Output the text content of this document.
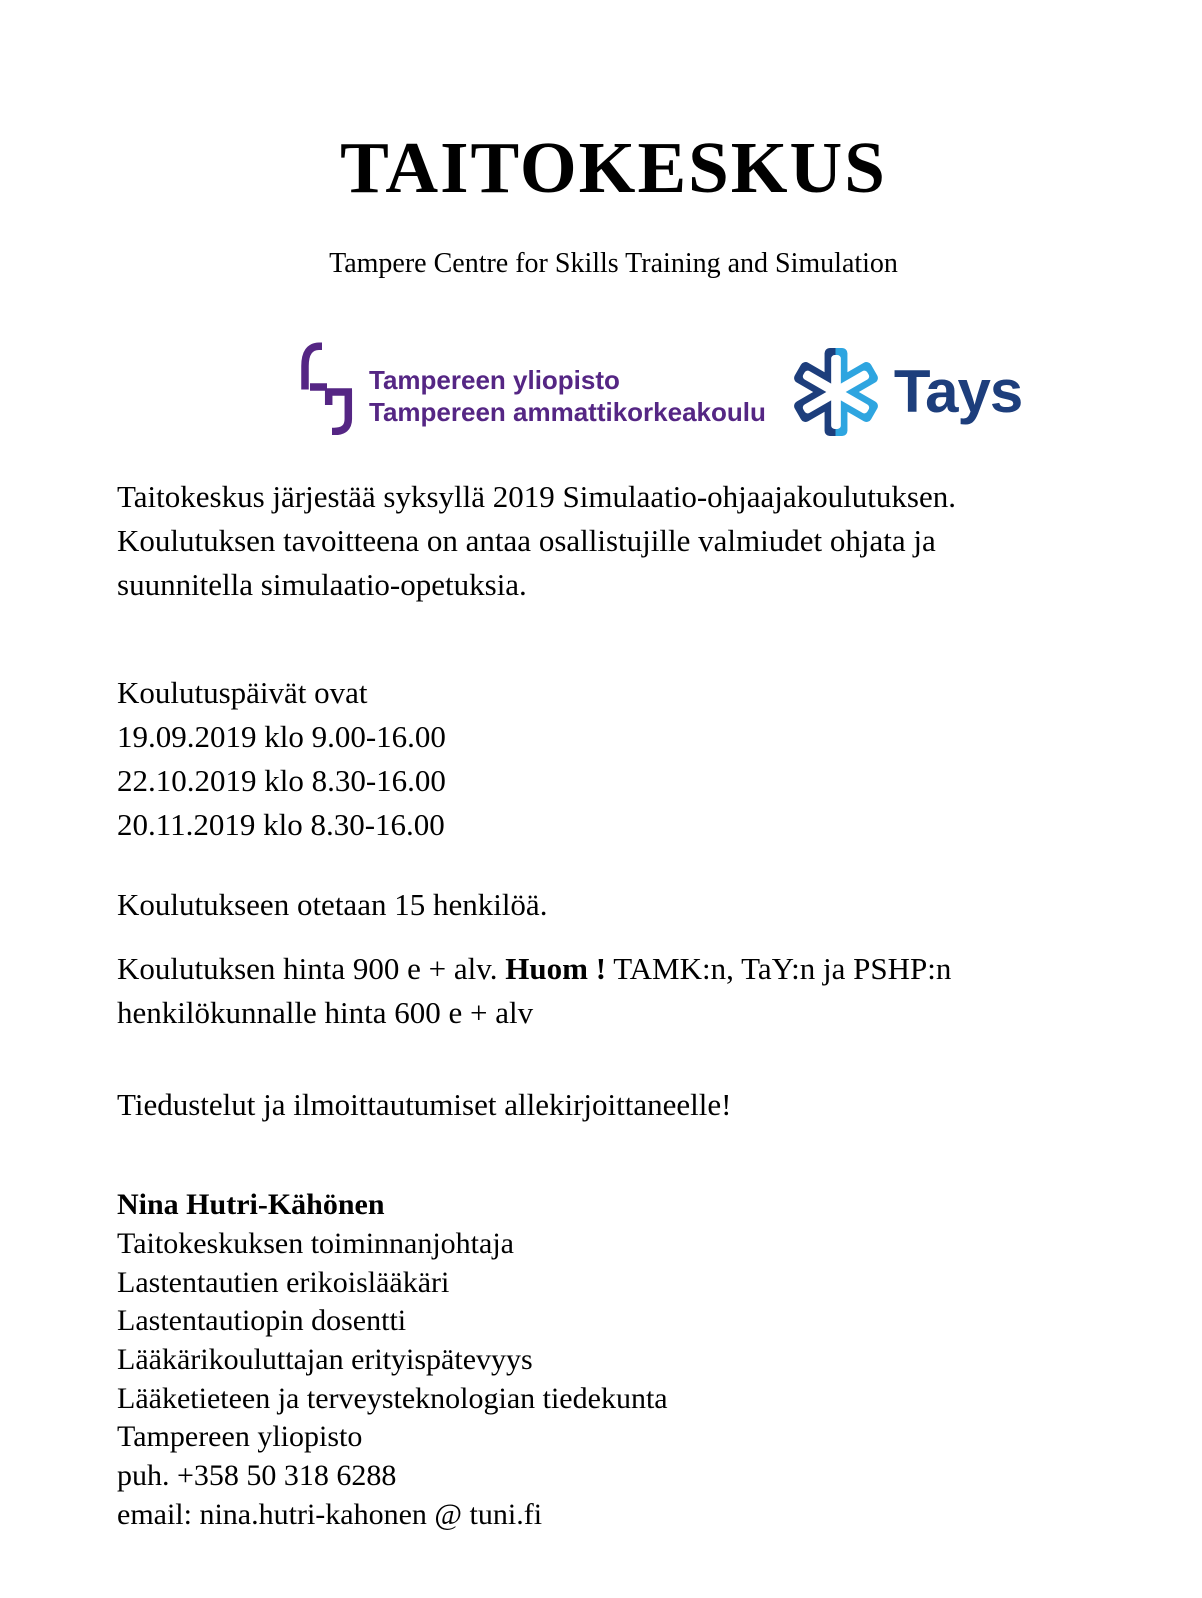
TAITOKESKUS

Tampere Centre for Skills Training and Simulation

Tampereen yliopisto
Tampereen ammattikorkeakoulu Tays

Taitokeskus järjestää syksyllä 2019 Simulaatio-ohjaajakoulutuksen.
Koulutuksen tavoitteena on antaa osallistujille valmiudet ohjata ja
suunnitella simulaatio-opetuksia.

Koulutuspäivät ovat
19.09.2019 klo 9.00-16.00
22.10.2019 klo 8.30-16.00
20.11.2019 klo 8.30-16.00

Koulutukseen otetaan 15 henkilöä.

Koulutuksen hinta 900 e + alv. Huom ! TAMK:n, TaY:n ja PSHP:n henkilökunnalle hinta 600 e + alv

Tiedustelut ja ilmoittautumiset allekirjoittaneelle!

Nina Hutri-Kähönen
Taitokeskuksen toiminnanjohtaja
Lastentautien erikoislääkäri
Lastentautiopin dosentti
Lääkärikouluttajan erityispätevyys
Lääketieteen ja terveysteknologian tiedekunta
Tampereen yliopisto
puh. +358 50 318 6288
email: nina.hutri-kahonen @ tuni.fi
